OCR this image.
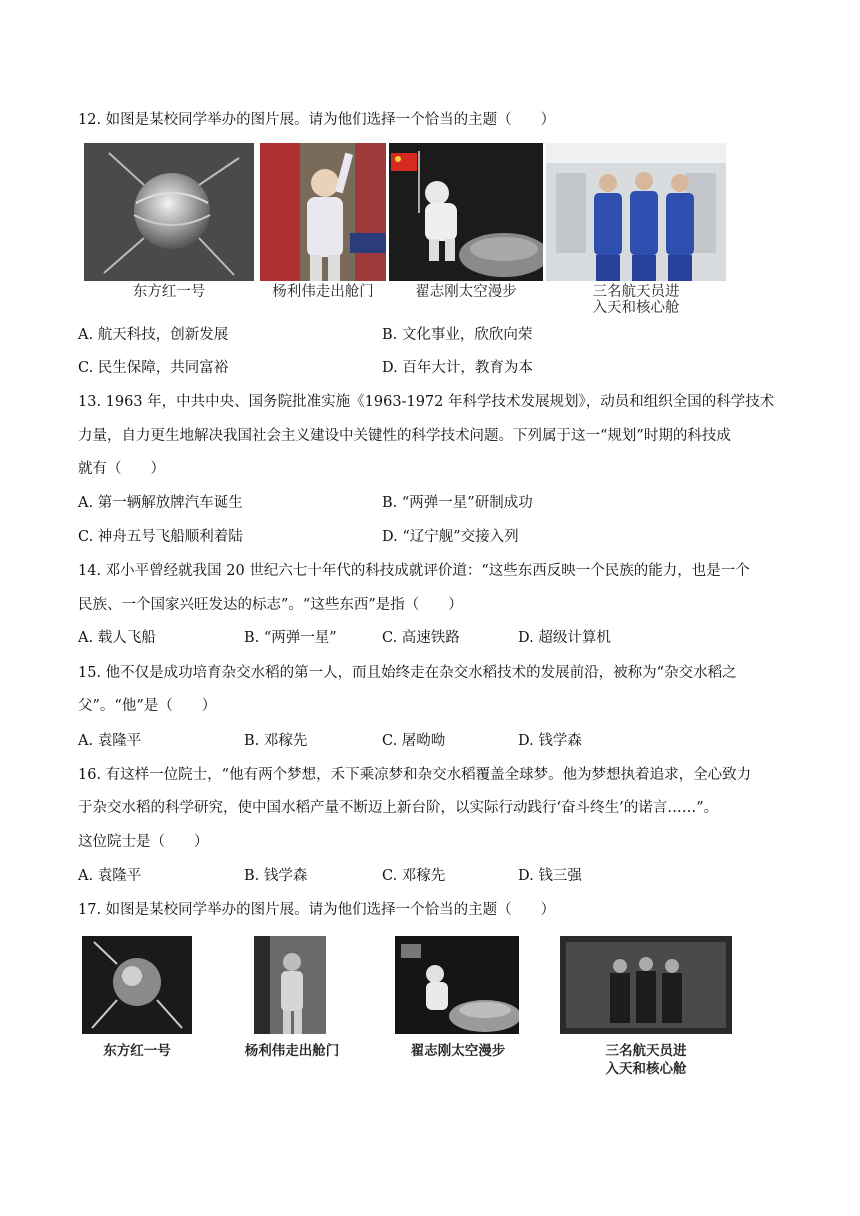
12. 如图是某校同学举办的图片展。请为他们选择一个恰当的主题（　　）
东方红一号	杨利伟走出舱门	翟志刚太空漫步	三名航天员进
入天和核心舱
A. 航天科技，创新发展	B. 文化事业，欣欣向荣
C. 民生保障，共同富裕	D. 百年大计，教育为本
13. 1963 年，中共中央、国务院批准实施《1963-1972 年科学技术发展规划》，动员和组织全国的科学技术
力量，自力更生地解决我国社会主义建设中关键性的科学技术问题。下列属于这一“规划”时期的科技成
就有（　　）
A. 第一辆解放牌汽车诞生	B. “两弹一星”研制成功
C. 神舟五号飞船顺利着陆	D. “辽宁舰”交接入列
14. 邓小平曾经就我国 20 世纪六七十年代的科技成就评价道：“这些东西反映一个民族的能力，也是一个
民族、一个国家兴旺发达的标志”。“这些东西”是指（　　）
A. 载人飞船	B. “两弹一星”	C. 高速铁路	D. 超级计算机
15. 他不仅是成功培育杂交水稻的第一人，而且始终走在杂交水稻技术的发展前沿，被称为“杂交水稻之
父”。“他”是（　　）
A. 袁隆平	B. 邓稼先	C. 屠呦呦	D. 钱学森
16. 有这样一位院士，“他有两个梦想，禾下乘凉梦和杂交水稻覆盖全球梦。他为梦想执着追求，全心致力
于杂交水稻的科学研究，使中国水稻产量不断迈上新台阶，以实际行动践行‘奋斗终生’的诺言……”。
这位院士是（　　）
A. 袁隆平	B. 钱学森	C. 邓稼先	D. 钱三强
17. 如图是某校同学举办的图片展。请为他们选择一个恰当的主题（　　）
东方红一号	杨利伟走出舱门	翟志刚太空漫步	三名航天员进
入天和核心舱
